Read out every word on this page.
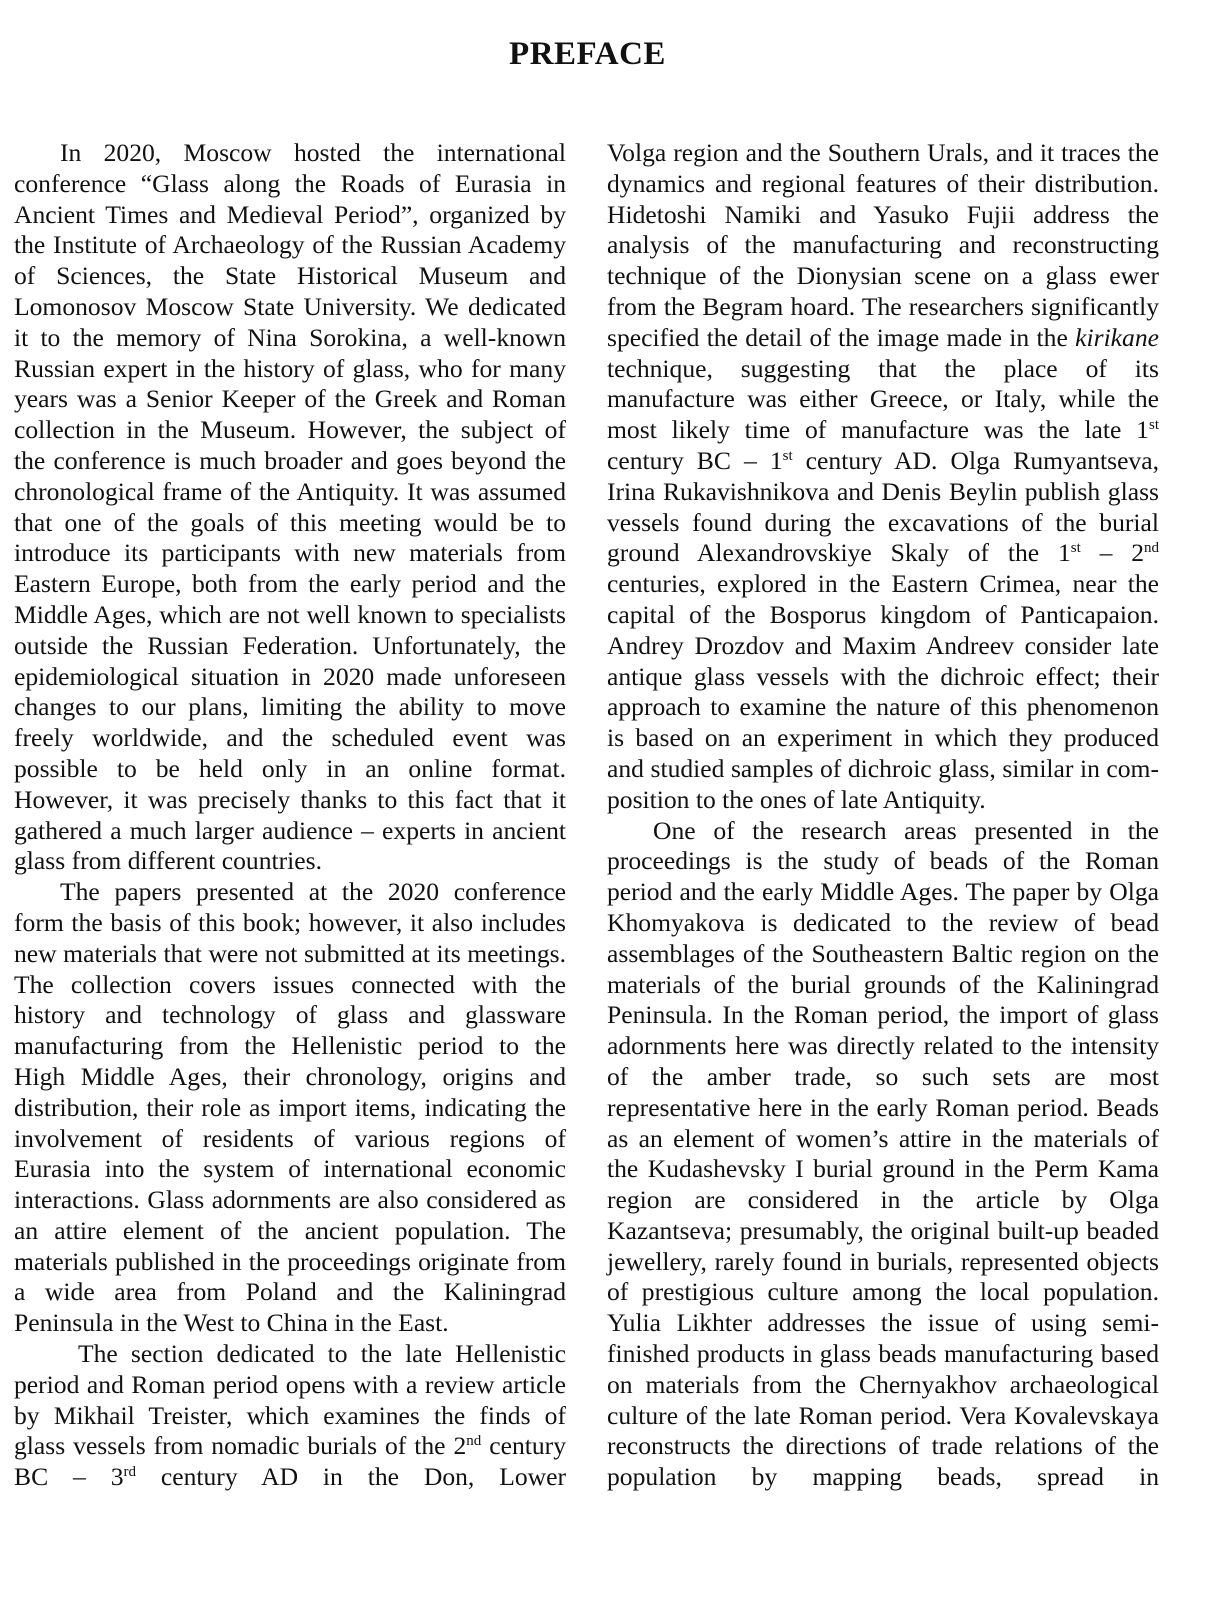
PREFACE

In 2020, Moscow hosted the international conference “Glass along the Roads of Eurasia in Ancient Times and Medieval Period”, organized by the Institute of Archaeology of the Russian Academy of Sciences, the State Historical Museum and Lomonosov Moscow State University. We dedicated it to the memory of Nina Sorokina, a well-known Russian expert in the history of glass, who for many years was a Senior Keeper of the Greek and Roman collection in the Museum. However, the subject of the conference is much broader and goes beyond the chronological frame of the Antiquity. It was assumed that one of the goals of this meeting would be to introduce its participants with new materials from Eastern Europe, both from the early period and the Middle Ages, which are not well known to specialists outside the Russian Federation. Unfortunately, the epidemiological situation in 2020 made unforeseen changes to our plans, limiting the ability to move freely worldwide, and the scheduled event was possible to be held only in an online format. However, it was precisely thanks to this fact that it gathered a much larger audience – experts in ancient glass from different countries.

The papers presented at the 2020 conference form the basis of this book; however, it also includes new materials that were not submitted at its meetings. The collection covers issues connected with the history and technology of glass and glassware manufacturing from the Hellenistic period to the High Middle Ages, their chronology, origins and distribution, their role as import items, indicating the involvement of residents of various regions of Eurasia into the system of international economic interactions. Glass adornments are also considered as an attire element of the ancient population. The materials published in the proceedings originate from a wide area from Poland and the Kaliningrad Peninsula in the West to China in the East.

The section dedicated to the late Hellenistic period and Roman period opens with a review article by Mikhail Treister, which examines the finds of glass vessels from nomadic burials of the 2nd century BC – 3rd century AD in the Don, Lower

Volga region and the Southern Urals, and it traces the dynamics and regional features of their distribution. Hidetoshi Namiki and Yasuko Fujii address the analysis of the manufacturing and reconstructing technique of the Dionysian scene on a glass ewer from the Begram hoard. The researchers significantly specified the detail of the image made in the kirikane technique, suggesting that the place of its manufacture was either Greece, or Italy, while the most likely time of manufacture was the late 1st century BC – 1st century AD. Olga Rumyantseva, Irina Rukavishnikova and Denis Beylin publish glass vessels found during the excavations of the burial ground Alexandrovskiye Skaly of the 1st – 2nd centuries, explored in the Eastern Crimea, near the capital of the Bosporus kingdom of Panticapaion. Andrey Drozdov and Maxim Andreev consider late antique glass vessels with the dichroic effect; their approach to examine the nature of this phenomenon is based on an experiment in which they produced and studied samples of dichroic glass, similar in composition to the ones of late Antiquity.

One of the research areas presented in the proceedings is the study of beads of the Roman period and the early Middle Ages. The paper by Olga Khomyakova is dedicated to the review of bead assemblages of the Southeastern Baltic region on the materials of the burial grounds of the Kaliningrad Peninsula. In the Roman period, the import of glass adornments here was directly related to the intensity of the amber trade, so such sets are most representative here in the early Roman period. Beads as an element of women’s attire in the materials of the Kudashevsky I burial ground in the Perm Kama region are considered in the article by Olga Kazantseva; presumably, the original built-up beaded jewellery, rarely found in burials, represented objects of prestigious culture among the local population. Yulia Likhter addresses the issue of using semi-finished products in glass beads manufacturing based on materials from the Chernyakhov archaeological culture of the late Roman period. Vera Kovalevskaya reconstructs the directions of trade relations of the population by mapping beads, spread in
